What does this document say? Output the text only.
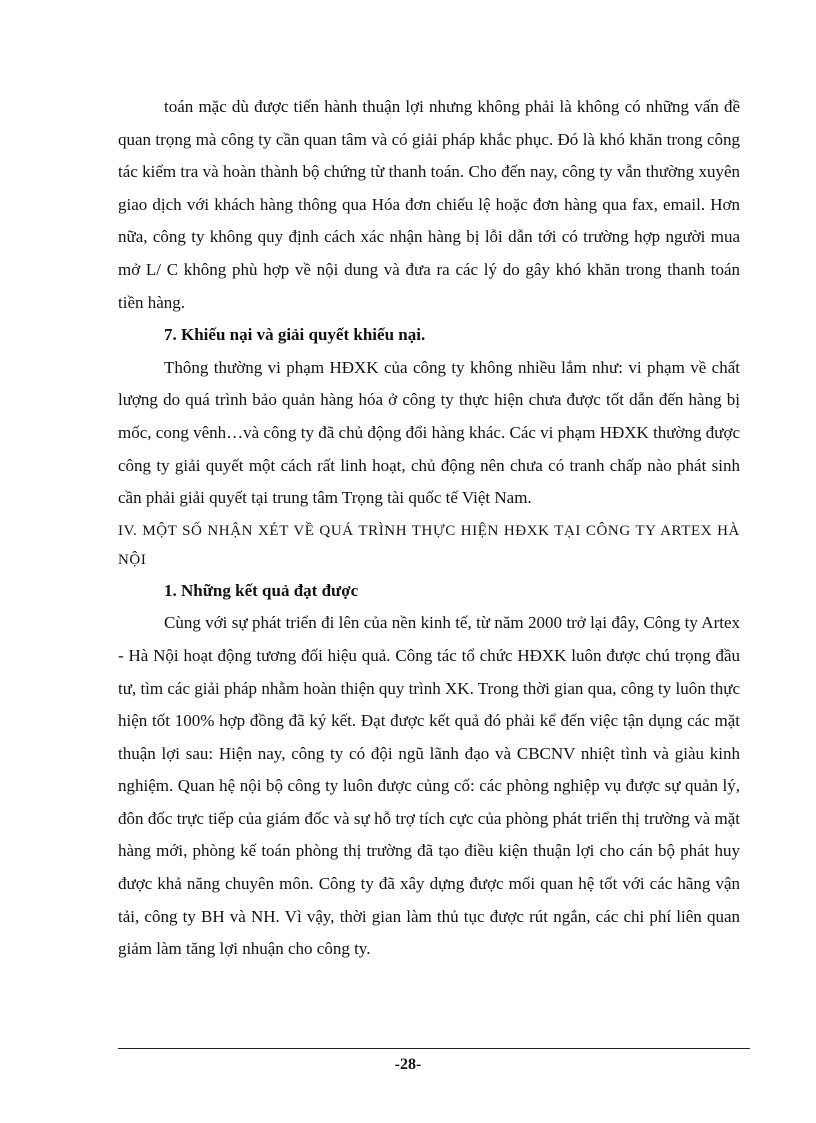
toán mặc dù được tiến hành thuận lợi nhưng không phải là không có những vấn đề quan trọng mà công ty cần quan tâm và có giải pháp khắc phục. Đó là khó khăn trong công tác kiểm tra và hoàn thành bộ chứng từ thanh toán. Cho đến nay, công ty vẫn thường xuyên giao dịch với khách hàng thông qua Hóa đơn chiếu lệ hoặc đơn hàng qua fax, email. Hơn nữa, công ty không quy định cách xác nhận hàng bị lỗi dẫn tới có trường hợp người mua mở L/ C không phù hợp về nội dung và đưa ra các lý do gây khó khăn trong thanh toán tiền hàng.

7. Khiếu nại và giải quyết khiếu nại.

Thông thường vi phạm HĐXK của công ty không nhiều lắm như: vi phạm về chất lượng do quá trình bảo quản hàng hóa ở công ty thực hiện chưa được tốt dẫn đến hàng bị mốc, cong vênh…và công ty đã chủ động đổi hàng khác. Các vi phạm HĐXK thường được công ty giải quyết một cách rất linh hoạt, chủ động nên chưa có tranh chấp nào phát sinh cần phải giải quyết tại trung tâm Trọng tài quốc tế Việt Nam.

IV. MỘT SỐ NHẬN XÉT VỀ QUÁ TRÌNH THỰC HIỆN HĐXK TẠI CÔNG TY ARTEX HÀ NỘI

1. Những kết quả đạt được

Cùng với sự phát triển đi lên của nền kinh tế, từ năm 2000 trở lại đây, Công ty Artex - Hà Nội hoạt động tương đối hiệu quả. Công tác tổ chức HĐXK luôn được chú trọng đầu tư, tìm các giải pháp nhằm hoàn thiện quy trình XK. Trong thời gian qua, công ty luôn thực hiện tốt 100% hợp đồng đã ký kết. Đạt được kết quả đó phải kể đến việc tận dụng các mặt thuận lợi sau: Hiện nay, công ty có đội ngũ lãnh đạo và CBCNV nhiệt tình và giàu kinh nghiệm. Quan hệ nội bộ công ty luôn được củng cố: các phòng nghiệp vụ được sự quản lý, đôn đốc trực tiếp của giám đốc và sự hỗ trợ tích cực của phòng phát triển thị trường và mặt hàng mới, phòng kế toán phòng thị trường đã tạo điều kiện thuận lợi cho cán bộ phát huy được khả năng chuyên môn. Công ty đã xây dựng được mối quan hệ tốt với các hãng vận tải, công ty BH và NH. Vì vậy, thời gian làm thủ tục được rút ngắn, các chi phí liên quan giảm làm tăng lợi nhuận cho công ty.

-28-
